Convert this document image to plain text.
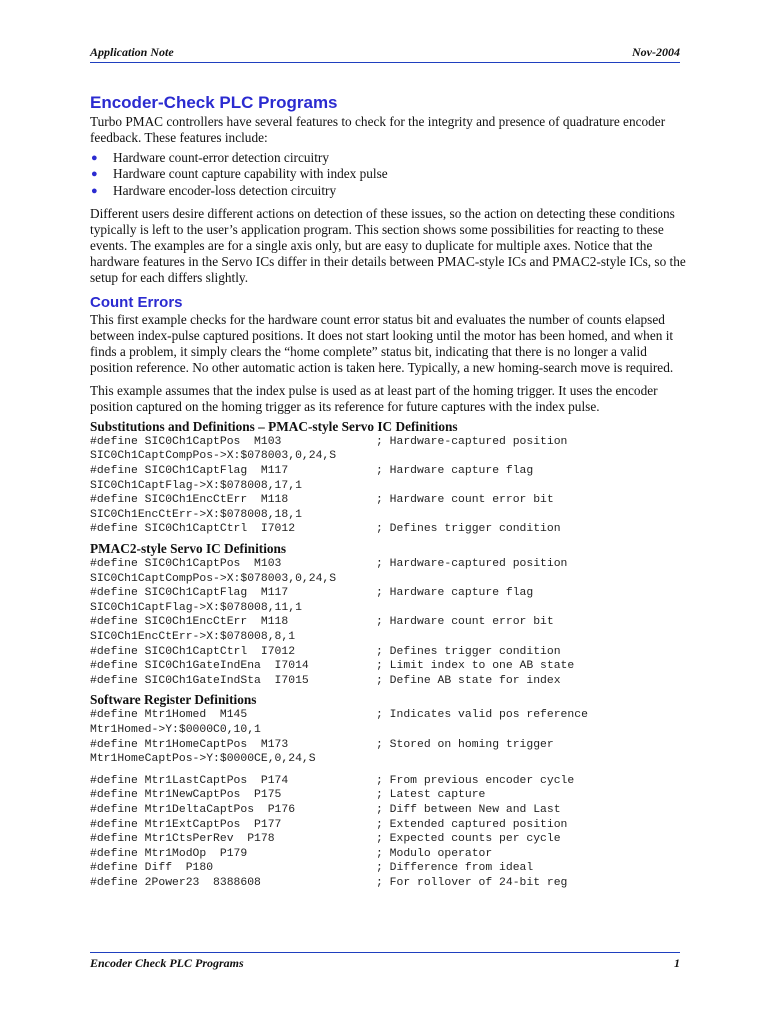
Application Note	Nov-2004
Encoder-Check PLC Programs

Turbo PMAC controllers have several features to check for the integrity and presence of quadrature encoder feedback. These features include:

● Hardware count-error detection circuitry
● Hardware count capture capability with index pulse
● Hardware encoder-loss detection circuitry

Different users desire different actions on detection of these issues, so the action on detecting these conditions typically is left to the user’s application program. This section shows some possibilities for reacting to these events. The examples are for a single axis only, but are easy to duplicate for multiple axes. Notice that the hardware features in the Servo ICs differ in their details between PMAC-style ICs and PMAC2-style ICs, so the setup for each differs slightly.

Count Errors

This first example checks for the hardware count error status bit and evaluates the number of counts elapsed between index-pulse captured positions. It does not start looking until the motor has been homed, and when it finds a problem, it simply clears the “home complete” status bit, indicating that there is no longer a valid position reference. No other automatic action is taken here. Typically, a new homing-search move is required.

This example assumes that the index pulse is used as at least part of the homing trigger. It uses the encoder position captured on the homing trigger as its reference for future captures with the index pulse.

Substitutions and Definitions – PMAC-style Servo IC Definitions
#define SIC0Ch1CaptPos  M103	; Hardware-captured position
SIC0Ch1CaptCompPos->X:$078003,0,24,S
#define SIC0Ch1CaptFlag  M117	; Hardware capture flag
SIC0Ch1CaptFlag->X:$078008,17,1
#define SIC0Ch1EncCtErr  M118	; Hardware count error bit
SIC0Ch1EncCtErr->X:$078008,18,1
#define SIC0Ch1CaptCtrl  I7012	; Defines trigger condition
PMAC2-style Servo IC Definitions
#define SIC0Ch1CaptPos  M103	; Hardware-captured position
SIC0Ch1CaptCompPos->X:$078003,0,24,S
#define SIC0Ch1CaptFlag  M117	; Hardware capture flag
SIC0Ch1CaptFlag->X:$078008,11,1
#define SIC0Ch1EncCtErr  M118	; Hardware count error bit
SIC0Ch1EncCtErr->X:$078008,8,1
#define SIC0Ch1CaptCtrl  I7012	; Defines trigger condition
#define SIC0Ch1GateIndEna  I7014	; Limit index to one AB state
#define SIC0Ch1GateIndSta  I7015	; Define AB state for index
Software Register Definitions
#define Mtr1Homed  M145	; Indicates valid pos reference
Mtr1Homed->Y:$0000C0,10,1
#define Mtr1HomeCaptPos  M173	; Stored on homing trigger
Mtr1HomeCaptPos->Y:$0000CE,0,24,S
#define Mtr1LastCaptPos  P174	; From previous encoder cycle
#define Mtr1NewCaptPos  P175	; Latest capture
#define Mtr1DeltaCaptPos  P176	; Diff between New and Last
#define Mtr1ExtCaptPos  P177	; Extended captured position
#define Mtr1CtsPerRev  P178	; Expected counts per cycle
#define Mtr1ModOp  P179	; Modulo operator
#define Diff  P180	; Difference from ideal
#define 2Power23  8388608	; For rollover of 24-bit reg
Encoder Check PLC Programs	1
